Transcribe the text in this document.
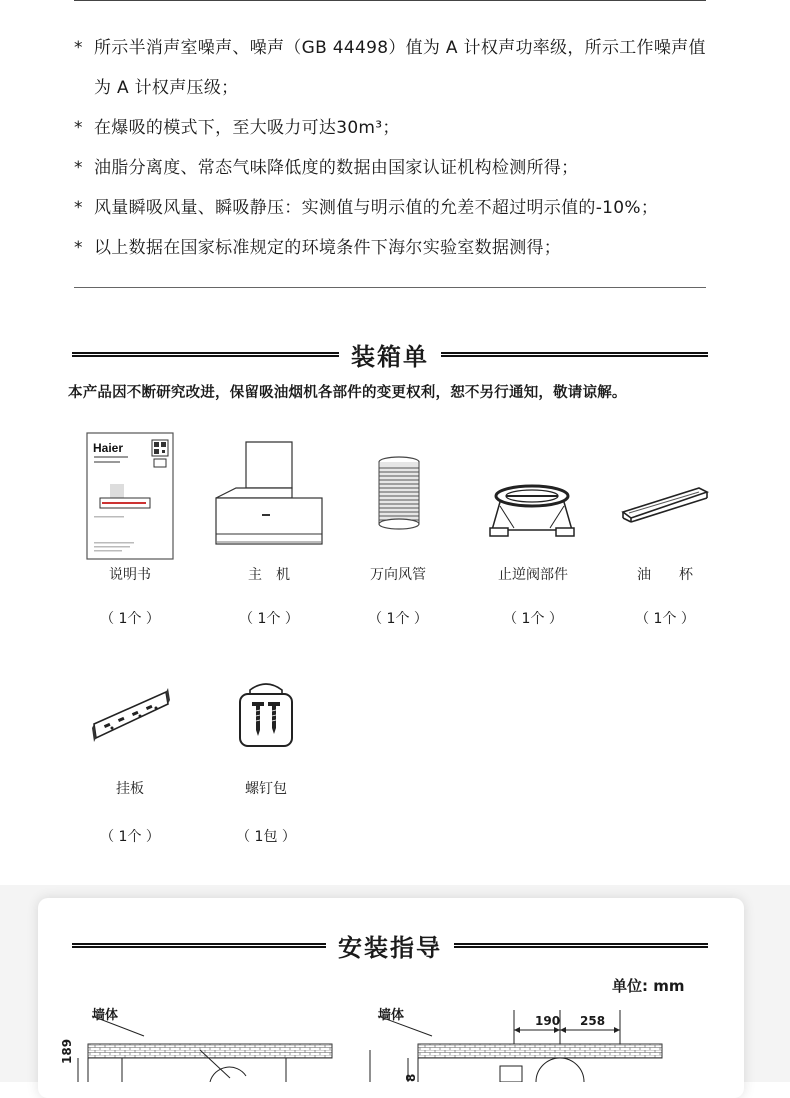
* 所示半消声室噪声、噪声（GB 44498）值为 A 计权声功率级，所示工作噪声值为 A 计权声压级；
* 在爆吸的模式下，至大吸力可达30m³；
* 油脂分离度、常态气味降低度的数据由国家认证机构检测所得；
* 风量瞬吸风量、瞬吸静压：实测值与明示值的允差不超过明示值的-10%；
* 以上数据在国家标准规定的环境条件下海尔实验室数据测得；
装箱单
本产品因不断研究改进，保留吸油烟机各部件的变更权利，恕不另行通知，敬请谅解。
Haier
说明书
（ 1个 ）
主　机
（ 1个 ）
万向风管
（ 1个 ）
止逆阀部件
（ 1个 ）
油　　杯
（ 1个 ）
挂板
（ 1个 ）
螺钉包
（ 1包 ）
安装指导
单位: mm
墙体	墙体	190 258
189
8
